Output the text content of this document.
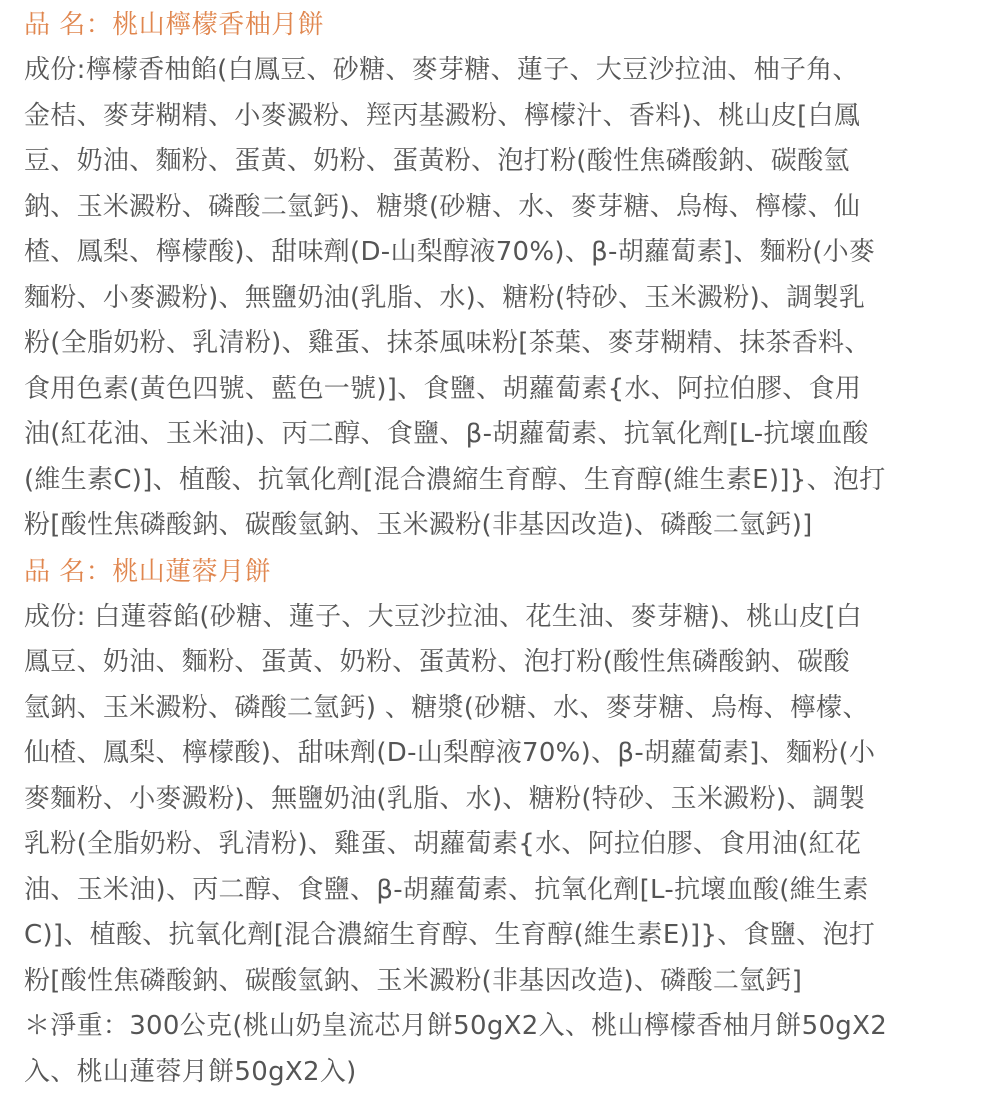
品 名：桃山檸檬香柚月餅
成份:檸檬香柚餡(白鳳豆、砂糖、麥芽糖、蓮子、大豆沙拉油、柚子角、
金桔、麥芽糊精、小麥澱粉、羥丙基澱粉、檸檬汁、香料)、桃山皮[白鳳
豆、奶油、麵粉、蛋黃、奶粉、蛋黃粉、泡打粉(酸性焦磷酸鈉、碳酸氫
鈉、玉米澱粉、磷酸二氫鈣)、糖漿(砂糖、水、麥芽糖、烏梅、檸檬、仙
楂、鳳梨、檸檬酸)、甜味劑(D-山梨醇液70%)、β-胡蘿蔔素]、麵粉(小麥
麵粉、小麥澱粉)、無鹽奶油(乳脂、水)、糖粉(特砂、玉米澱粉)、調製乳
粉(全脂奶粉、乳清粉)、雞蛋、抹茶風味粉[茶葉、麥芽糊精、抹茶香料、
食用色素(黃色四號、藍色一號)]、食鹽、胡蘿蔔素{水、阿拉伯膠、食用
油(紅花油、玉米油)、丙二醇、食鹽、β-胡蘿蔔素、抗氧化劑[L-抗壞血酸
(維生素C)]、植酸、抗氧化劑[混合濃縮生育醇、生育醇(維生素E)]}、泡打
粉[酸性焦磷酸鈉、碳酸氫鈉、玉米澱粉(非基因改造)、磷酸二氫鈣)]
品 名：桃山蓮蓉月餅
成份: 白蓮蓉餡(砂糖、蓮子、大豆沙拉油、花生油、麥芽糖)、桃山皮[白
鳳豆、奶油、麵粉、蛋黃、奶粉、蛋黃粉、泡打粉(酸性焦磷酸鈉、碳酸
氫鈉、玉米澱粉、磷酸二氫鈣) 、糖漿(砂糖、水、麥芽糖、烏梅、檸檬、
仙楂、鳳梨、檸檬酸)、甜味劑(D-山梨醇液70%)、β-胡蘿蔔素]、麵粉(小
麥麵粉、小麥澱粉)、無鹽奶油(乳脂、水)、糖粉(特砂、玉米澱粉)、調製
乳粉(全脂奶粉、乳清粉)、雞蛋、胡蘿蔔素{水、阿拉伯膠、食用油(紅花
油、玉米油)、丙二醇、食鹽、β-胡蘿蔔素、抗氧化劑[L-抗壞血酸(維生素
C)]、植酸、抗氧化劑[混合濃縮生育醇、生育醇(維生素E)]}、食鹽、泡打
粉[酸性焦磷酸鈉、碳酸氫鈉、玉米澱粉(非基因改造)、磷酸二氫鈣]
＊淨重：300公克(桃山奶皇流芯月餅50gX2入、桃山檸檬香柚月餅50gX2
入、桃山蓮蓉月餅50gX2入)
